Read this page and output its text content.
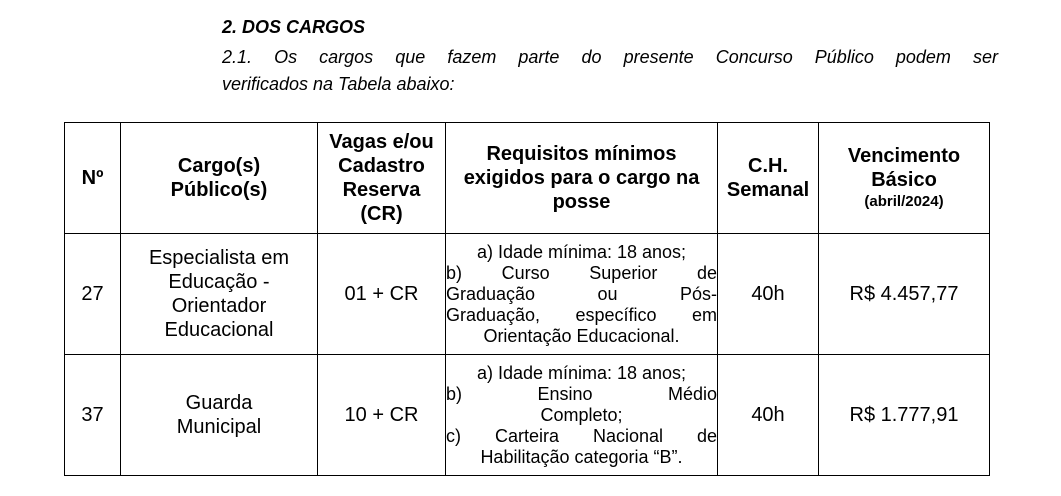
2. DOS CARGOS

2.1. Os cargos que fazem parte do presente Concurso Público podem ser
verificados na Tabela abaixo:

Nº	Cargo(s) Público(s)	Vagas e/ou
Cadastro
Reserva
(CR)	Requisitos mínimos exigidos para o cargo na posse	C.H. Semanal	Vencimento Básico
(abril/2024)

27	Especialista em Educação - Orientador Educacional	01 + CR	a) Idade mínima: 18 anos;
b) Curso Superior de
Graduação ou Pós-
Graduação, específico em
Orientação Educacional.	40h	R$ 4.457,77
37	Guarda Municipal	10 + CR	a) Idade mínima: 18 anos;
b) Ensino Médio
Completo;
c) Carteira Nacional de
Habilitação categoria “B”.	40h	R$ 1.777,91
